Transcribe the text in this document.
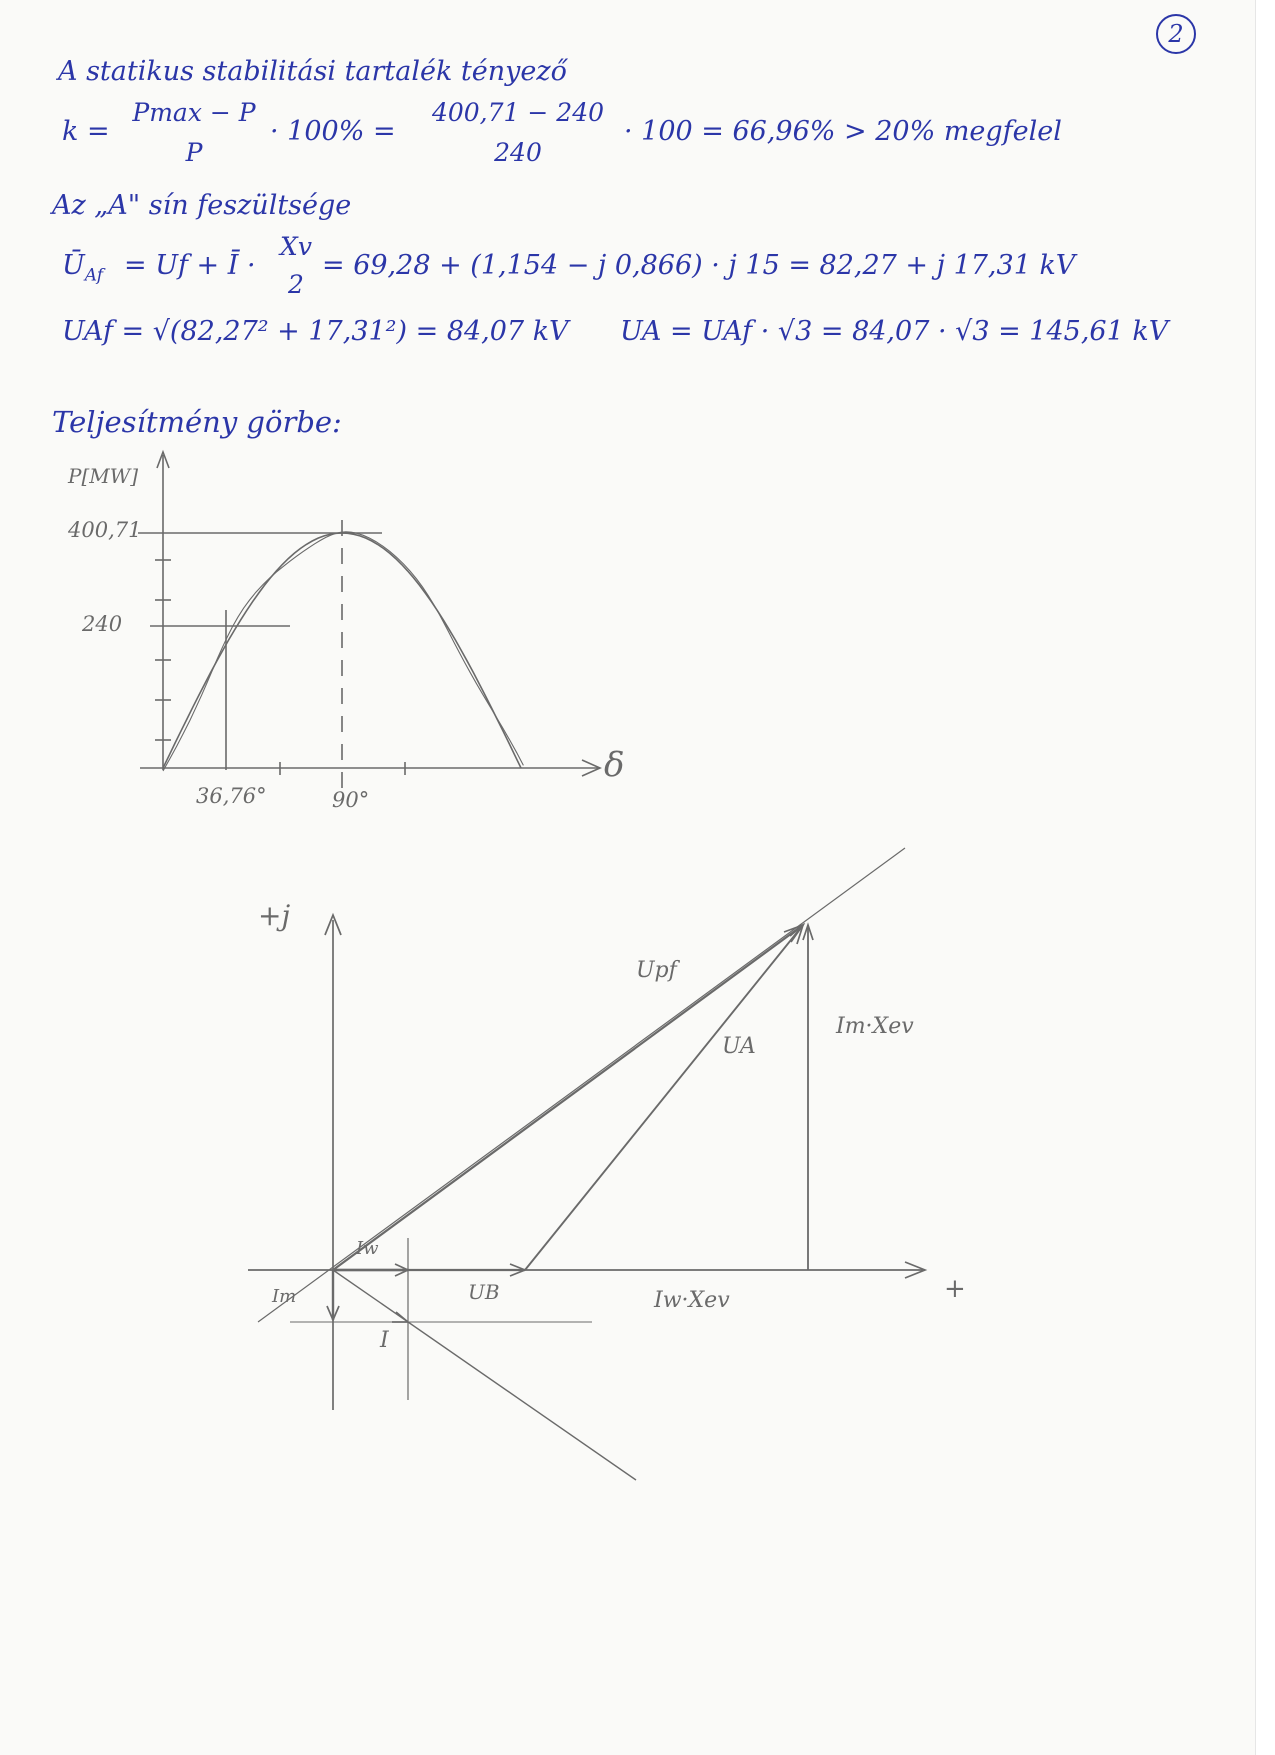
2
A statikus stabilitási tartalék tényező
k =
Pmax − P
P
· 100% =
400,71 − 240
240
· 100 = 66,96% > 20% megfelel
Az „A" sín feszültsége
$Ū_{Af} = Uf$ + Ī ·
Xv
2
= 69,28 + (1,154 − j 0,866) · j 15 = 82,27 + j 17,31 kV
UAf = √(82,27² + 17,31²) = 84,07 kV UA = UAf · √3 = 84,07 · √3 = 145,61 kV
Teljesítmény görbe:
P[MW]
400,71
240
36,76°	90°
δ
+j
+
Upf
UA
Im·Xev
Iw·Xev
UB
Iw
Im
I
